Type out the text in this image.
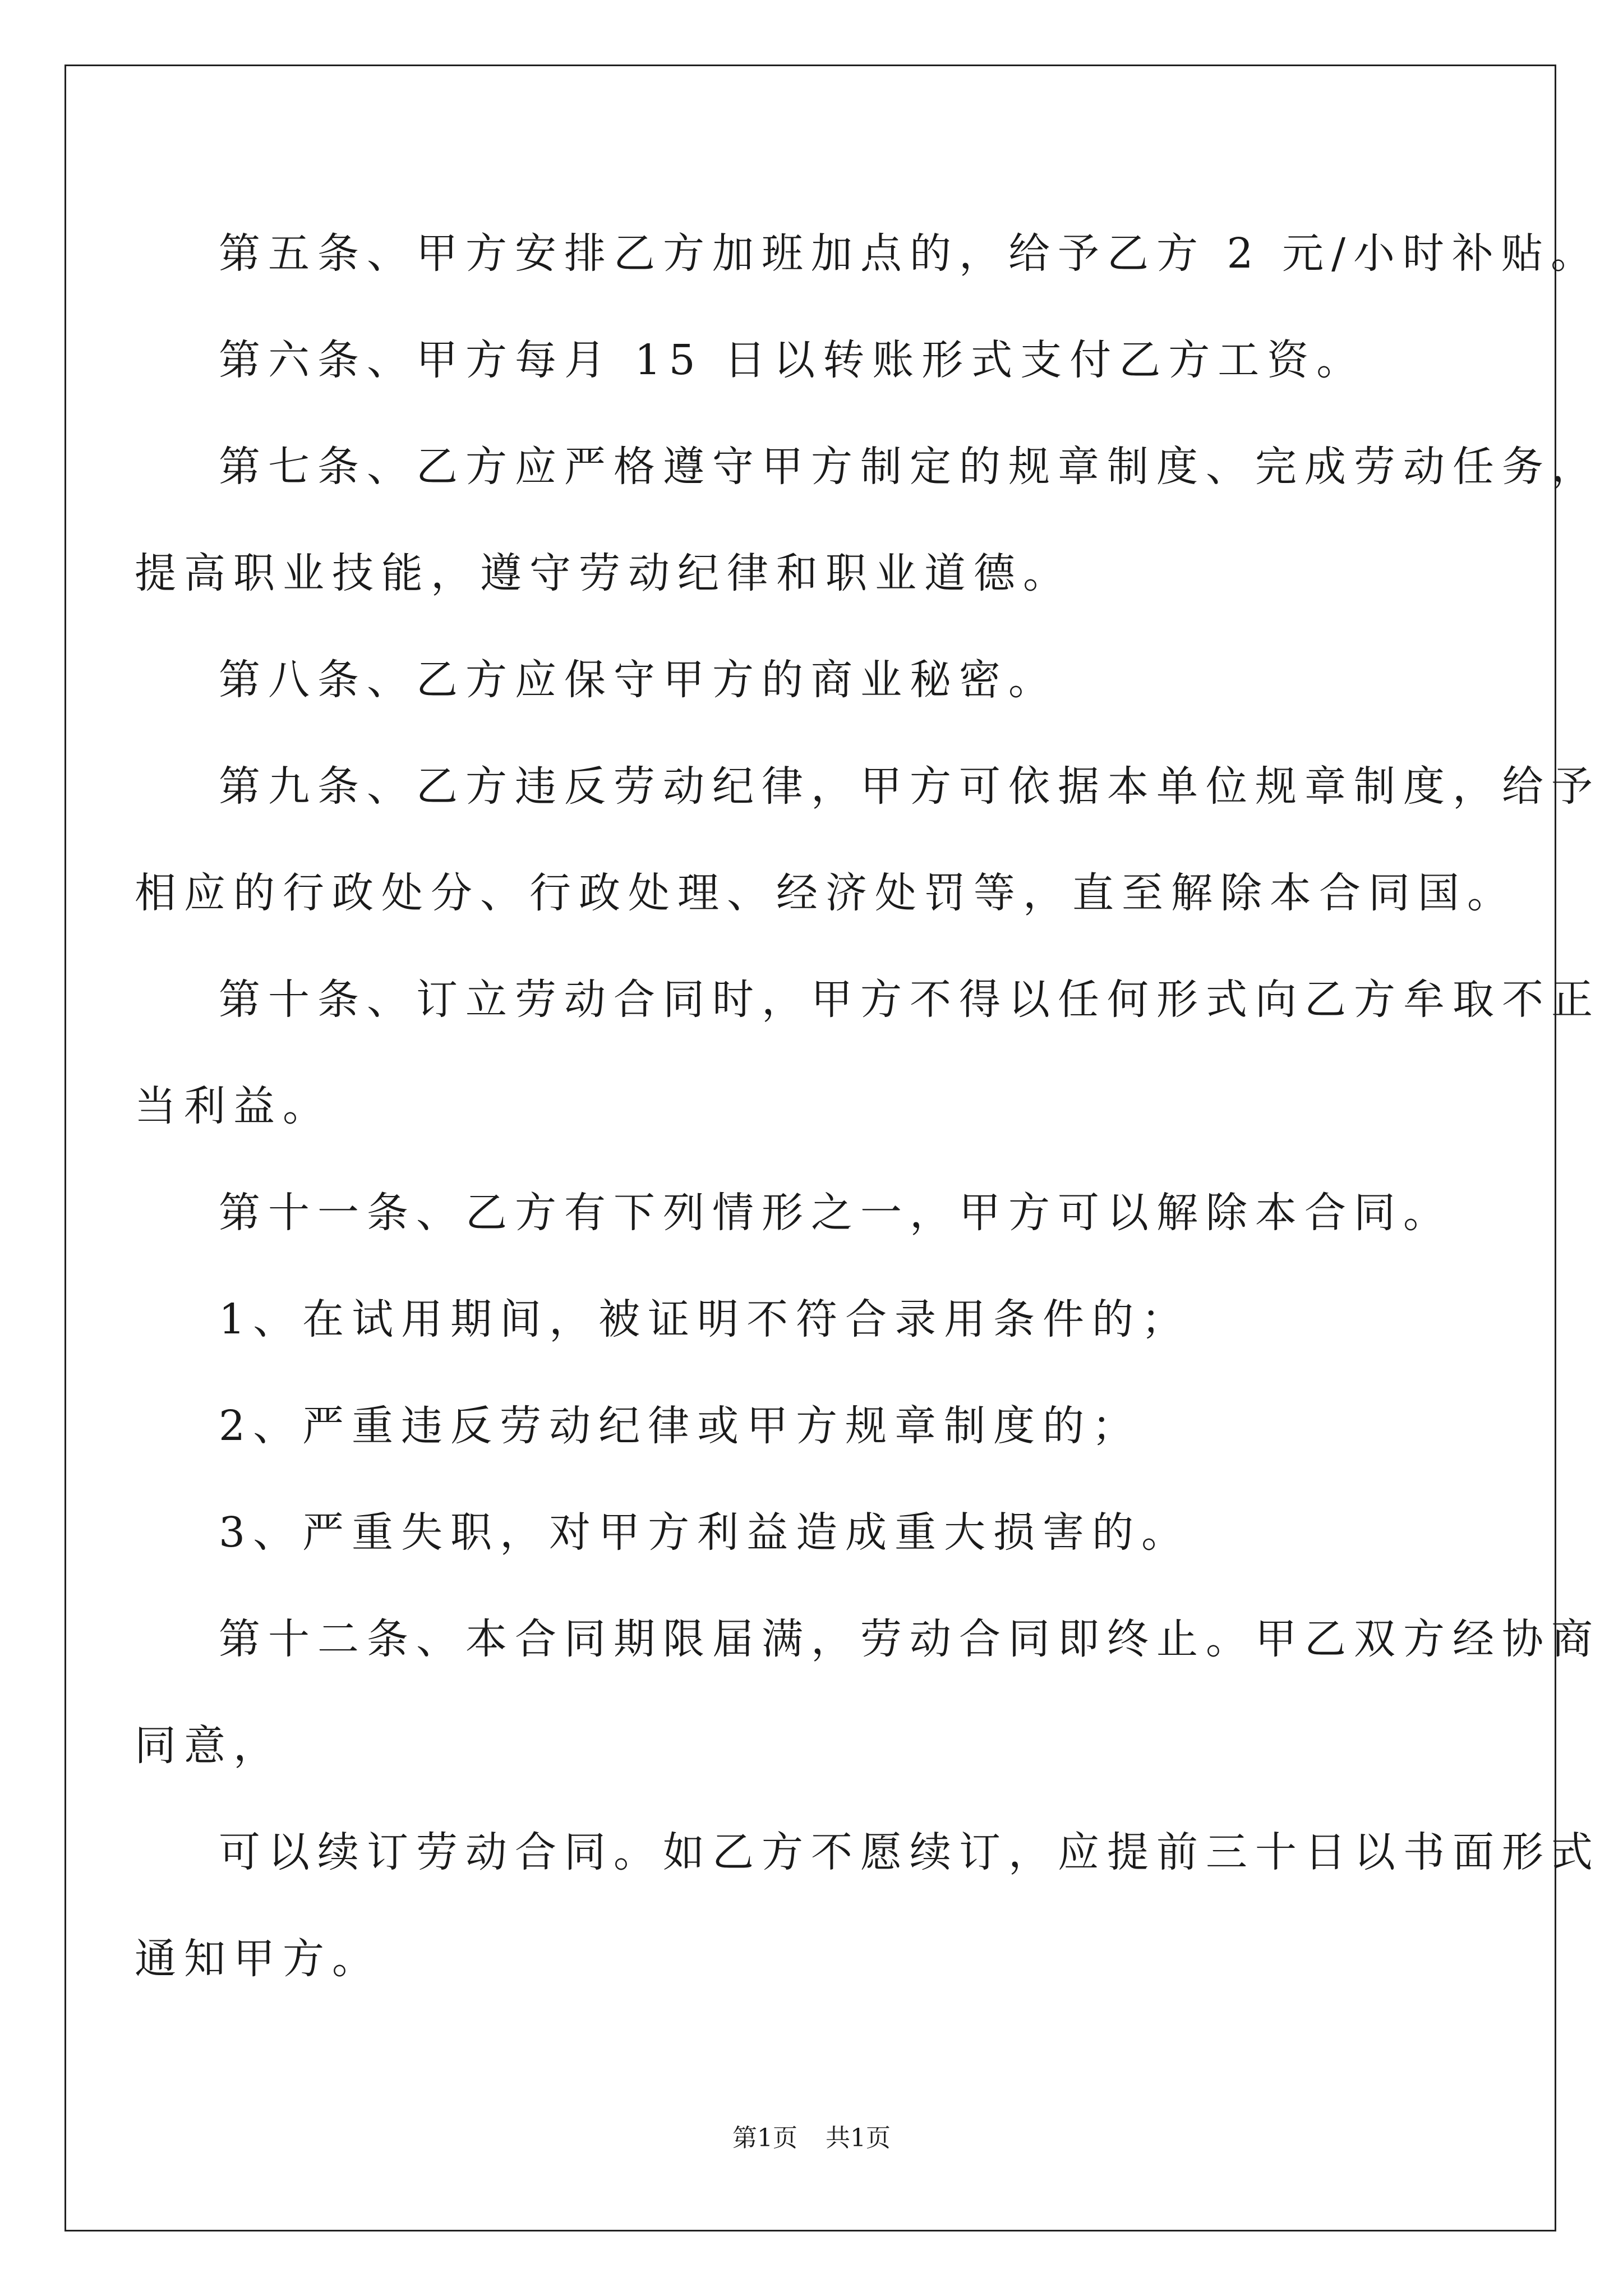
第五条、甲方安排乙方加班加点的，给予乙方 2 元/小时补贴。
第六条、甲方每月 15 日以转账形式支付乙方工资。
第七条、乙方应严格遵守甲方制定的规章制度、完成劳动任务，
提高职业技能，遵守劳动纪律和职业道德。
第八条、乙方应保守甲方的商业秘密。
第九条、乙方违反劳动纪律，甲方可依据本单位规章制度，给予
相应的行政处分、行政处理、经济处罚等，直至解除本合同国。
第十条、订立劳动合同时，甲方不得以任何形式向乙方牟取不正
当利益。
第十一条、乙方有下列情形之一，甲方可以解除本合同。
1、在试用期间，被证明不符合录用条件的；
2、严重违反劳动纪律或甲方规章制度的；
3、严重失职，对甲方利益造成重大损害的。
第十二条、本合同期限届满，劳动合同即终止。甲乙双方经协商
同意，
可以续订劳动合同。如乙方不愿续订，应提前三十日以书面形式
通知甲方。
第1页 共1页
